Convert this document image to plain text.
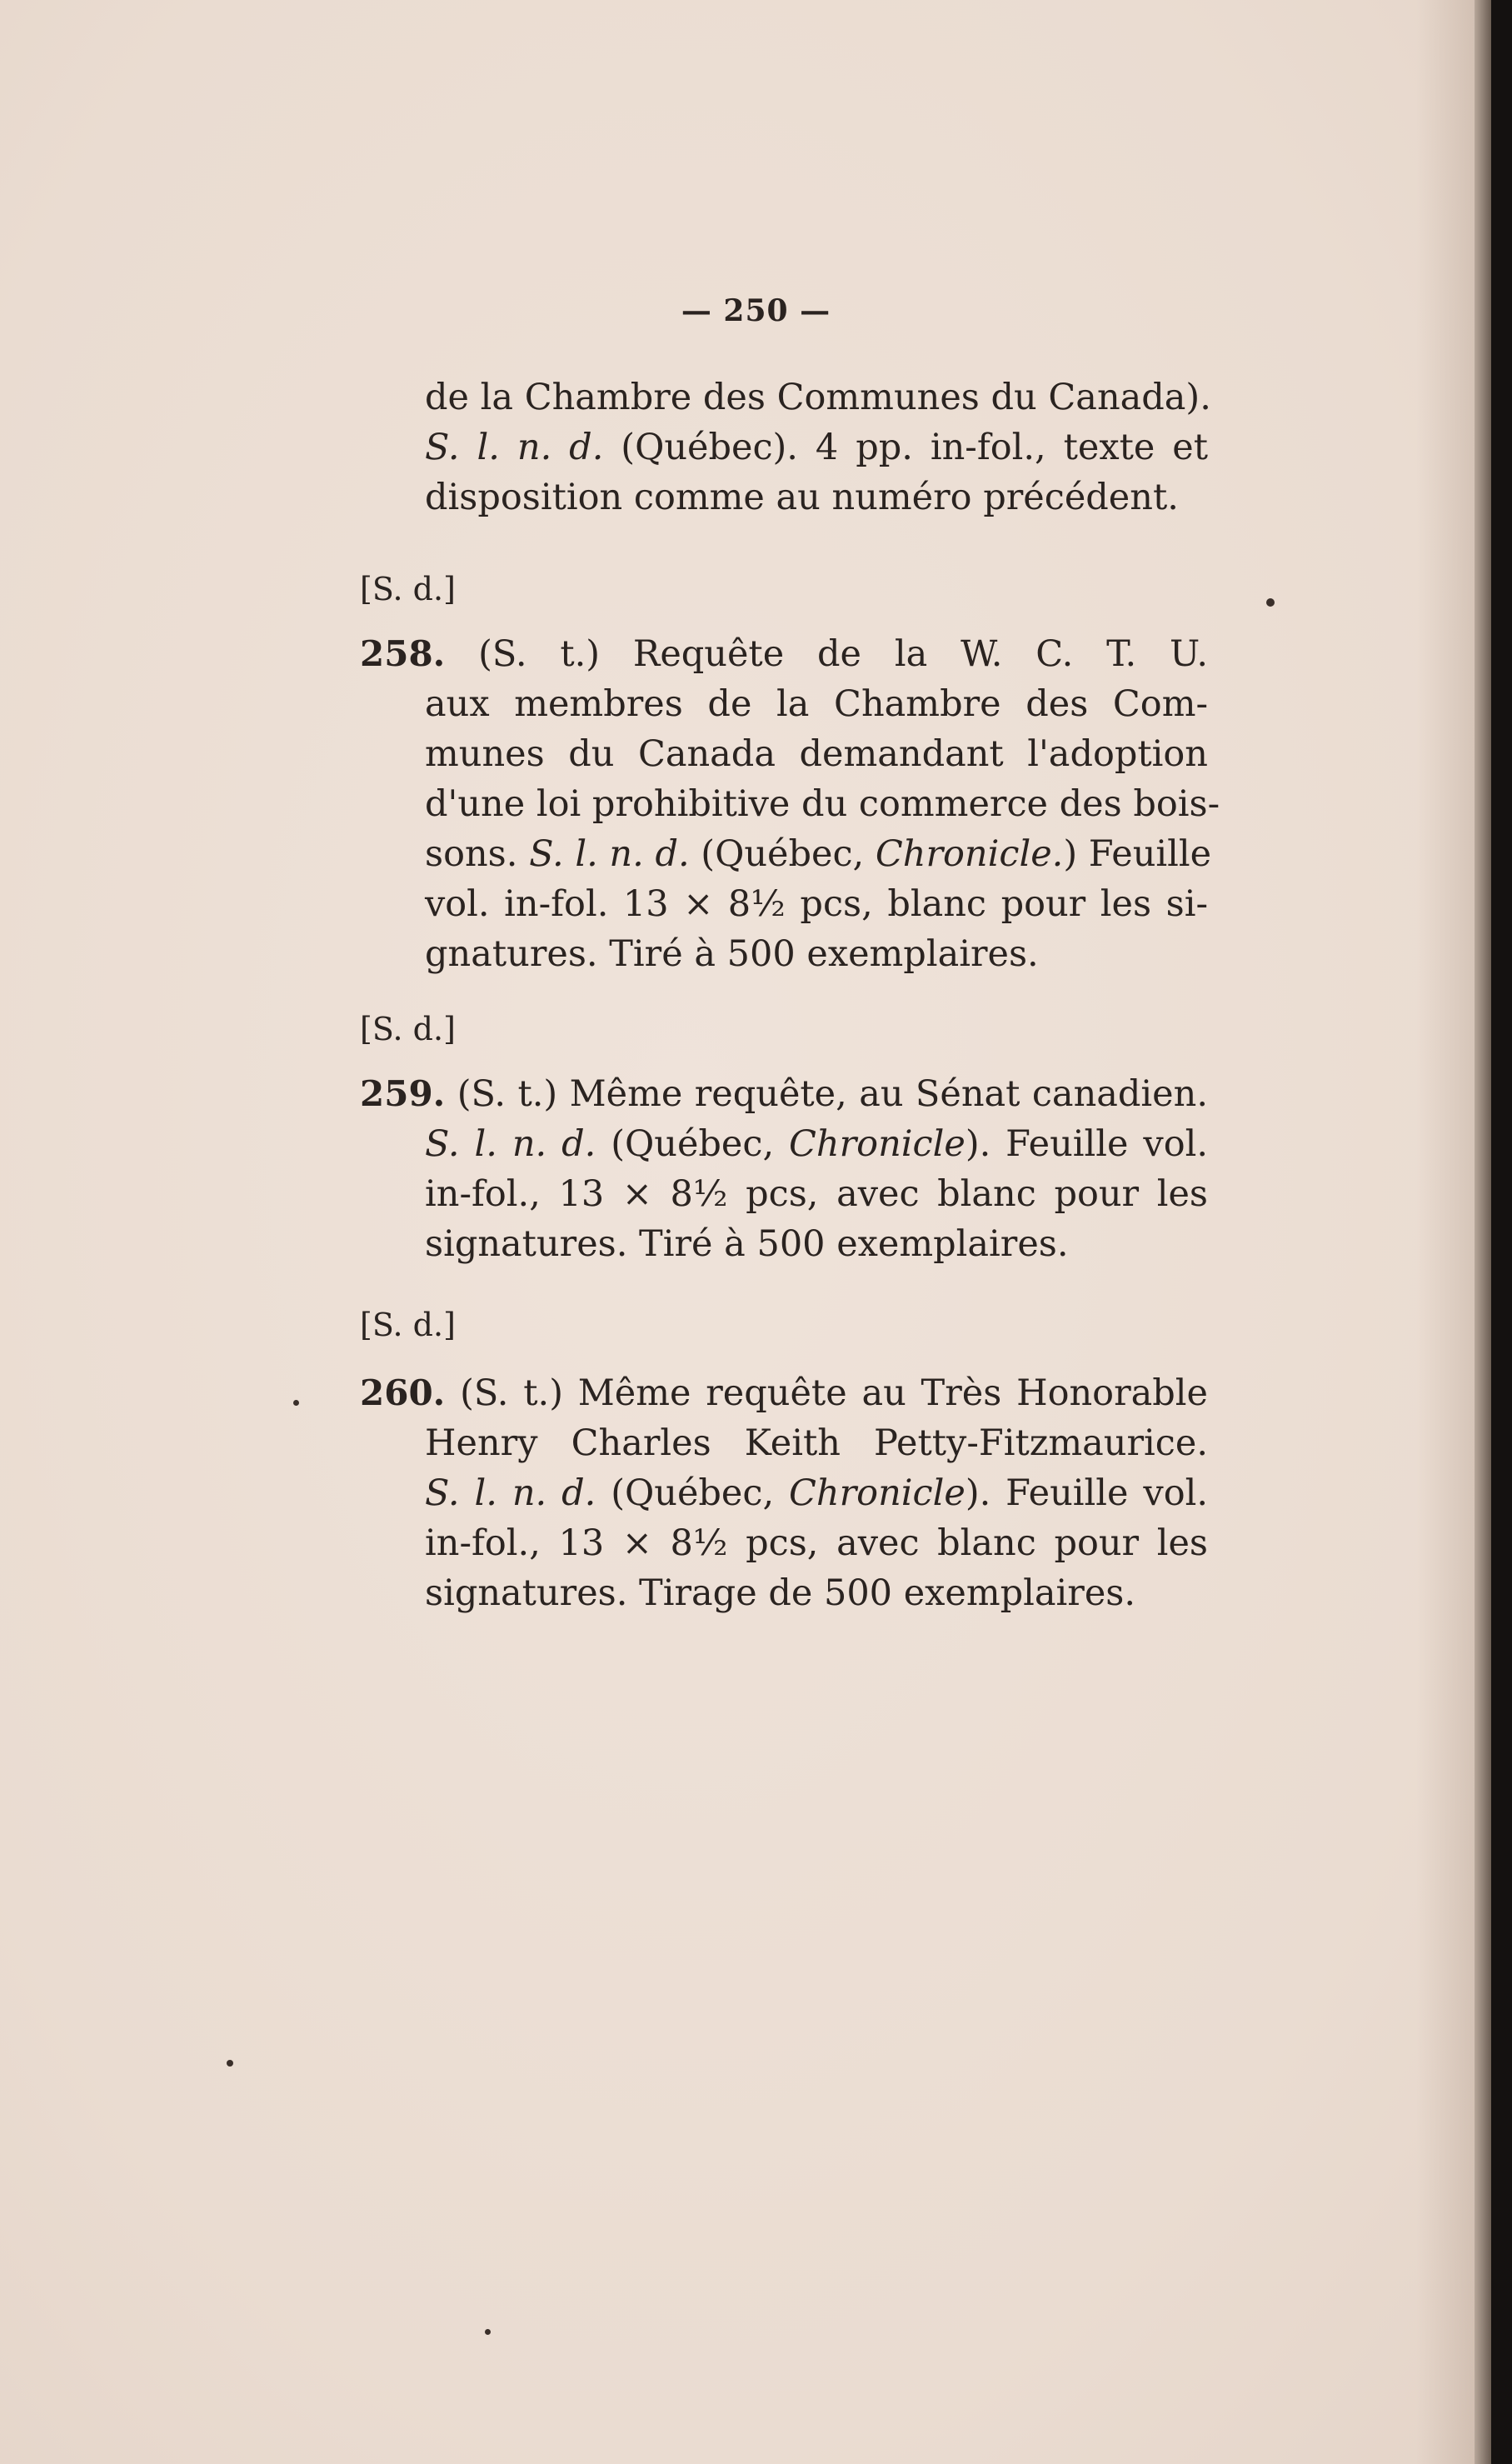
— 250 —
de la Chambre des Communes du Canada).
S. l. n. d. (Québec). 4 pp. in-fol., texte et
disposition comme au numéro précédent.
[S. d.]
258. (S. t.) Requête de la W. C. T. U.
aux membres de la Chambre des Com-
munes du Canada demandant l'adoption
d'une loi prohibitive du commerce des bois-
sons. S. l. n. d. (Québec, Chronicle.) Feuille
vol. in-fol. 13 × 8½ pcs, blanc pour les si-
gnatures. Tiré à 500 exemplaires.
[S. d.]
259. (S. t.) Même requête, au Sénat canadien.
S. l. n. d. (Québec, Chronicle). Feuille vol.
in-fol., 13 × 8½ pcs, avec blanc pour les
signatures. Tiré à 500 exemplaires.
[S. d.]
260. (S. t.) Même requête au Très Honorable
Henry Charles Keith Petty-Fitzmaurice.
S. l. n. d. (Québec, Chronicle). Feuille vol.
in-fol., 13 × 8½ pcs, avec blanc pour les
signatures. Tirage de 500 exemplaires.
